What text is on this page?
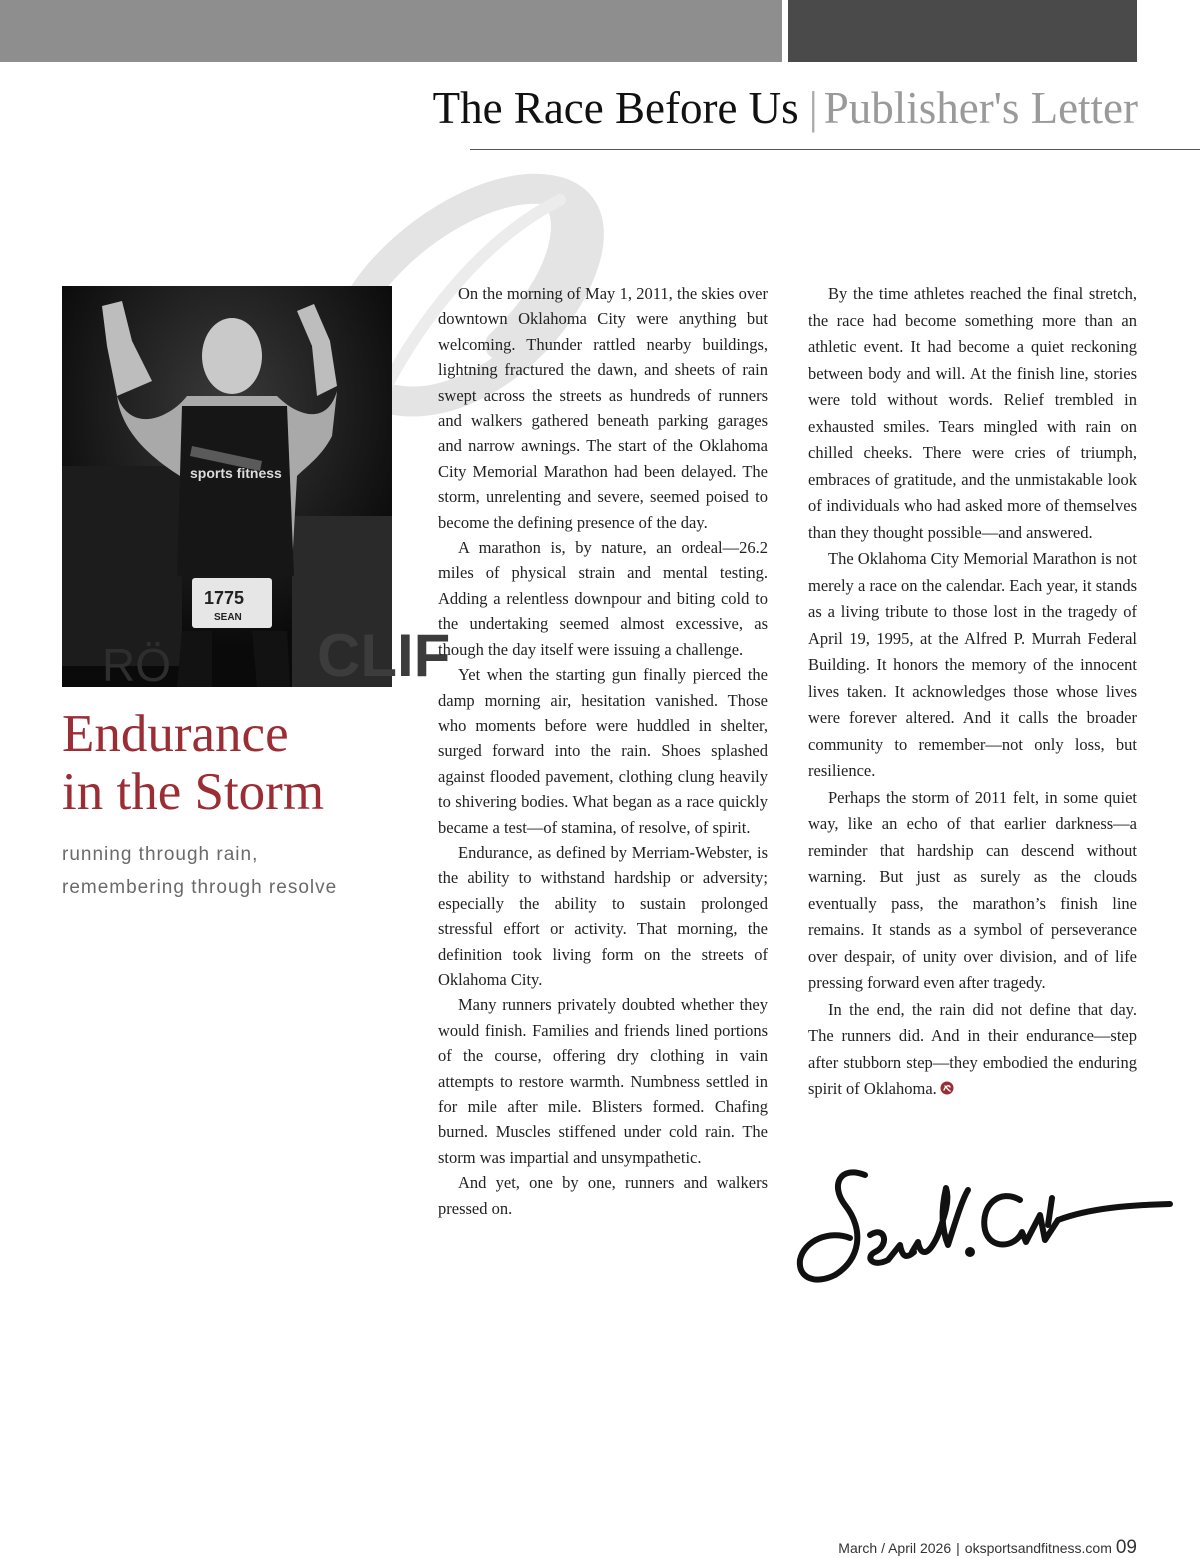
The Race Before Us | Publisher's Letter
CLIF
RÖ
sports fitness
1775
SEAN
Endurance
in the Storm
running through rain,
remembering through resolve

On the morning of May 1, 2011, the skies over downtown Oklahoma City were anything but welcoming. Thunder rattled nearby buildings, lightning fractured the dawn, and sheets of rain swept across the streets as hundreds of runners and walkers gathered beneath parking garages and narrow awnings. The start of the Oklahoma City Memorial Marathon had been delayed. The storm, unrelenting and severe, seemed poised to become the defining presence of the day.

A marathon is, by nature, an ordeal—26.2 miles of physical strain and mental testing. Adding a relentless downpour and biting cold to the undertaking seemed almost excessive, as though the day itself were issuing a challenge.

Yet when the starting gun finally pierced the damp morning air, hesitation vanished. Those who moments before were huddled in shelter, surged forward into the rain. Shoes splashed against flooded pavement, clothing clung heavily to shivering bodies. What began as a race quickly became a test—of stamina, of resolve, of spirit.

Endurance, as defined by Merriam-Webster, is the ability to withstand hardship or adversity; especially the ability to sustain prolonged stressful effort or activity. That morning, the definition took living form on the streets of Oklahoma City.

Many runners privately doubted whether they would finish. Families and friends lined portions of the course, offering dry clothing in vain attempts to restore warmth. Numbness settled in for mile after mile. Blisters formed. Chafing burned. Muscles stiffened under cold rain. The storm was impartial and unsympathetic.

And yet, one by one, runners and walkers pressed on.

By the time athletes reached the final stretch, the race had become something more than an athletic event. It had become a quiet reckoning between body and will. At the finish line, stories were told without words. Relief trembled in exhausted smiles. Tears mingled with rain on chilled cheeks. There were cries of triumph, embraces of gratitude, and the unmistakable look of individuals who had asked more of themselves than they thought possible—and answered.

The Oklahoma City Memorial Marathon is not merely a race on the calendar. Each year, it stands as a living tribute to those lost in the tragedy of April 19, 1995, at the Alfred P. Murrah Federal Building. It honors the memory of the innocent lives taken. It acknowledges those whose lives were forever altered. And it calls the broader community to remember—not only loss, but resilience.

Perhaps the storm of 2011 felt, in some quiet way, like an echo of that earlier darkness—a reminder that hardship can descend without warning. But just as surely as the clouds eventually pass, the marathon’s finish line remains. It stands as a symbol of perseverance over despair, of unity over division, and of life pressing forward even after tragedy.

In the end, the rain did not define that day. The runners did. And in their endurance—step after stubborn step—they embodied the enduring spirit of Oklahoma.

March / April 2026 | oksportsandfitness.com 09
